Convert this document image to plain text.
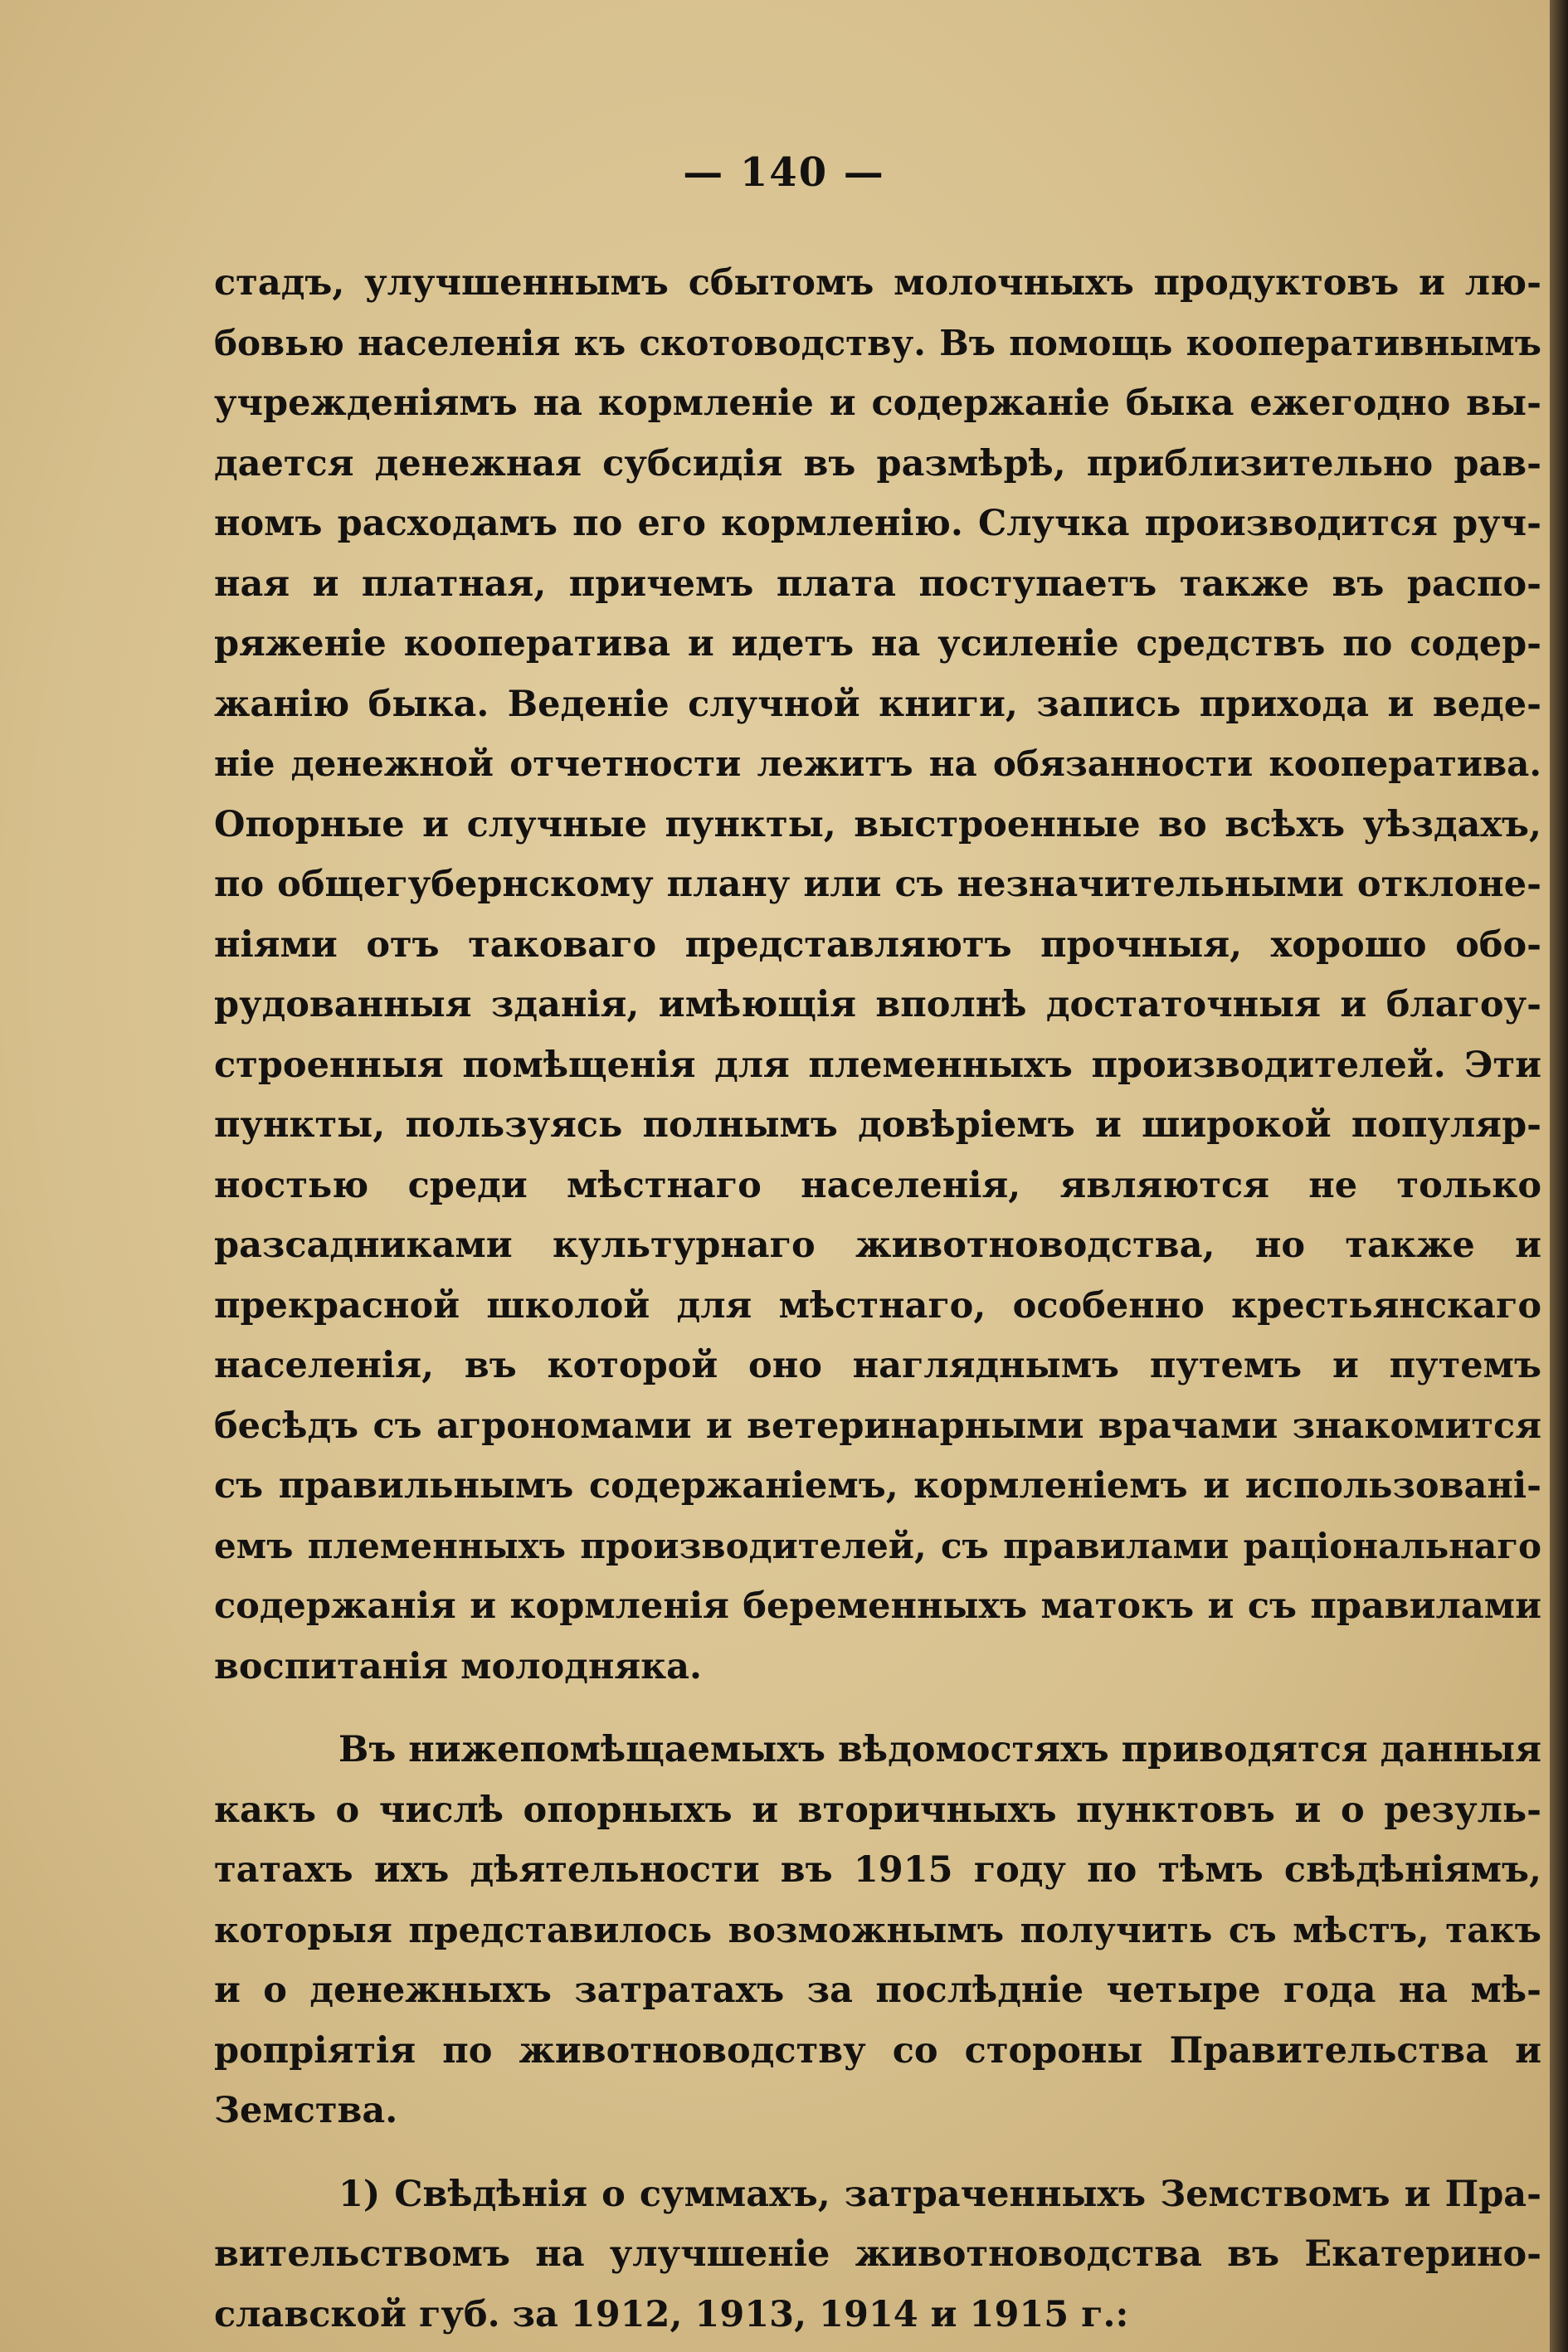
— 140 —
стадъ, улучшеннымъ сбытомъ молочныхъ продуктовъ и лю-
бовью населенія къ скотоводству. Въ помощь кооперативнымъ
учрежденіямъ на кормленіе и содержаніе быка ежегодно вы-
дается денежная субсидія въ размѣрѣ, приблизительно рав-
номъ расходамъ по его кормленію. Случка производится руч-
ная и платная, причемъ плата поступаетъ также въ распо-
ряженіе кооператива и идетъ на усиленіе средствъ по содер-
жанію быка. Веденіе случной книги, запись прихода и веде-
ніе денежной отчетности лежитъ на обязанности кооператива.
Опорные и случные пункты, выстроенные во всѣхъ уѣздахъ,
по общегубернскому плану или съ незначительными отклоне-
ніями отъ таковаго представляютъ прочныя, хорошо обо-
рудованныя зданія, имѣющія вполнѣ достаточныя и благоу-
строенныя помѣщенія для племенныхъ производителей. Эти
пункты, пользуясь полнымъ довѣріемъ и широкой популяр-
ностью среди мѣстнаго населенія, являются не только
разсадниками культурнаго животноводства, но также и
прекрасной школой для мѣстнаго, особенно крестьянскаго
населенія, въ которой оно нагляднымъ путемъ и путемъ
бесѣдъ съ агрономами и ветеринарными врачами знакомится
съ правильнымъ содержаніемъ, кормленіемъ и использовані-
емъ племенныхъ производителей, съ правилами раціональнаго
содержанія и кормленія беременныхъ матокъ и съ правилами
воспитанія молодняка.
Въ нижепомѣщаемыхъ вѣдомостяхъ приводятся данныя
какъ о числѣ опорныхъ и вторичныхъ пунктовъ и о резуль-
татахъ ихъ дѣятельности въ 1915 году по тѣмъ свѣдѣніямъ,
которыя представилось возможнымъ получить съ мѣстъ, такъ
и о денежныхъ затратахъ за послѣдніе четыре года на мѣ-
ропріятія по животноводству со стороны Правительства и
Земства.
1) Свѣдѣнія о суммахъ, затраченныхъ Земствомъ и Пра-
вительствомъ на улучшеніе животноводства въ Екатерино-
славской губ. за 1912, 1913, 1914 и 1915 г.:
